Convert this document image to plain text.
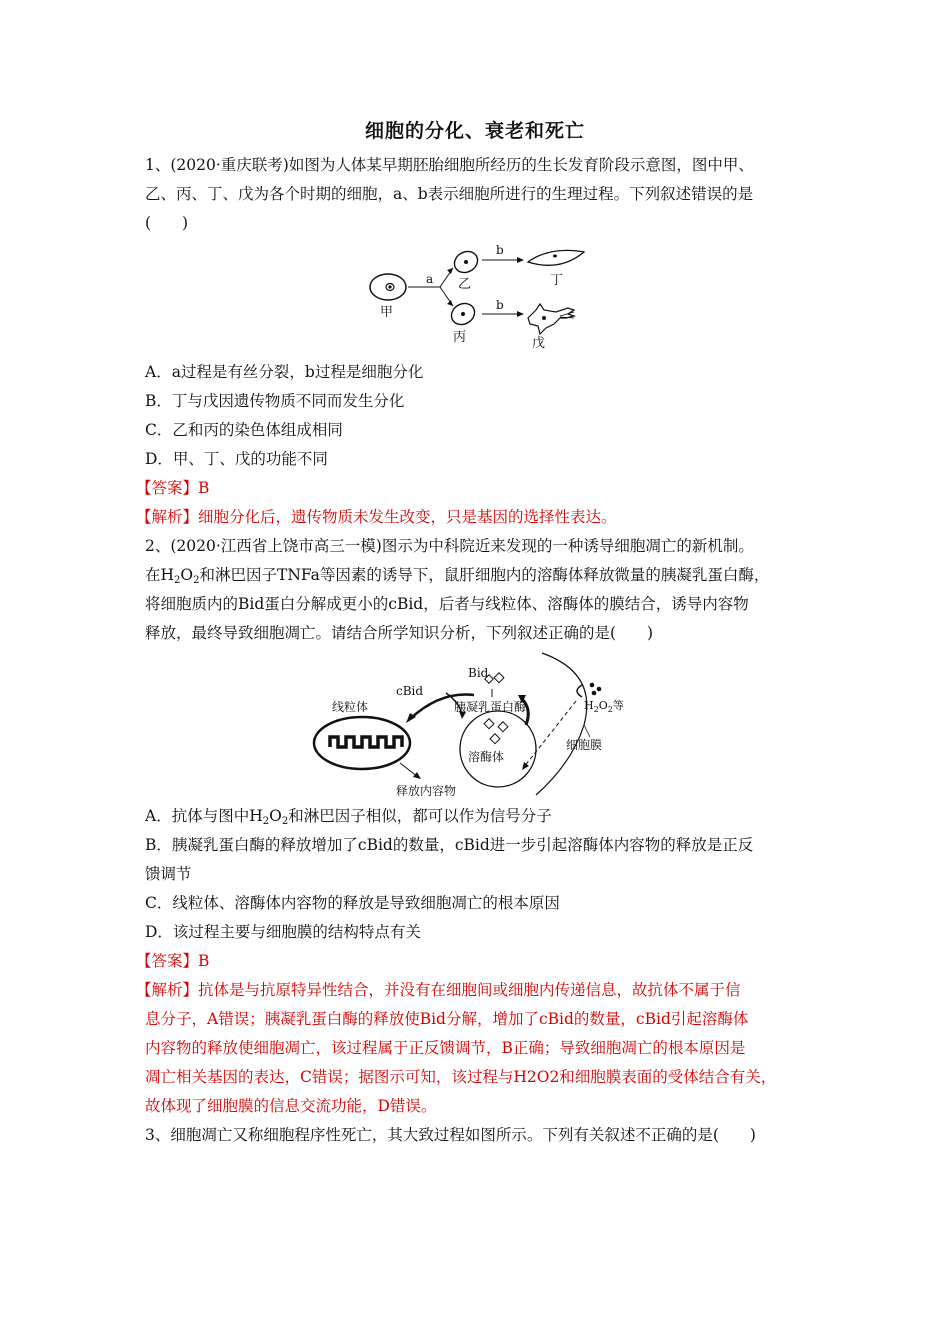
细胞的分化、衰老和死亡
1、(2020·重庆联考)如图为人体某早期胚胎细胞所经历的生长发育阶段示意图，图中甲、
乙、丙、丁、戊为各个时期的细胞，a、b表示细胞所进行的生理过程。下列叙述错误的是
(　　)
a
b
b
甲
乙
丙
丁
戊
A．a过程是有丝分裂，b过程是细胞分化
B．丁与戊因遗传物质不同而发生分化
C．乙和丙的染色体组成相同
D．甲、丁、戊的功能不同
【答案】B
【解析】细胞分化后，遗传物质未发生改变，只是基因的选择性表达。
2、(2020·江西省上饶市高三一模)图示为中科院近来发现的一种诱导细胞凋亡的新机制。
在$H_2O_2$和淋巴因子TNFa等因素的诱导下，鼠肝细胞内的溶酶体释放微量的胰凝乳蛋白酶，
将细胞质内的Bid蛋白分解成更小的cBid，后者与线粒体、溶酶体的膜结合，诱导内容物
释放，最终导致细胞凋亡。请结合所学知识分析，下列叙述正确的是(　　)
Bid
cBid
胰凝乳蛋白酶	$H_2O_2$等
线粒体
溶酶体
细胞膜
释放内容物
A．抗体与图中$H_2O_2$和淋巴因子相似，都可以作为信号分子
B．胰凝乳蛋白酶的释放增加了cBid的数量，cBid进一步引起溶酶体内容物的释放是正反
馈调节
C．线粒体、溶酶体内容物的释放是导致细胞凋亡的根本原因
D．该过程主要与细胞膜的结构特点有关
【答案】B
【解析】抗体是与抗原特异性结合，并没有在细胞间或细胞内传递信息，故抗体不属于信
息分子，A错误；胰凝乳蛋白酶的释放使Bid分解，增加了cBid的数量，cBid引起溶酶体
内容物的释放使细胞凋亡，该过程属于正反馈调节，B正确；导致细胞凋亡的根本原因是
凋亡相关基因的表达，C错误；据图示可知，该过程与H2O2和细胞膜表面的受体结合有关，
故体现了细胞膜的信息交流功能，D错误。
3、细胞凋亡又称细胞程序性死亡，其大致过程如图所示。下列有关叙述不正确的是(　　)
